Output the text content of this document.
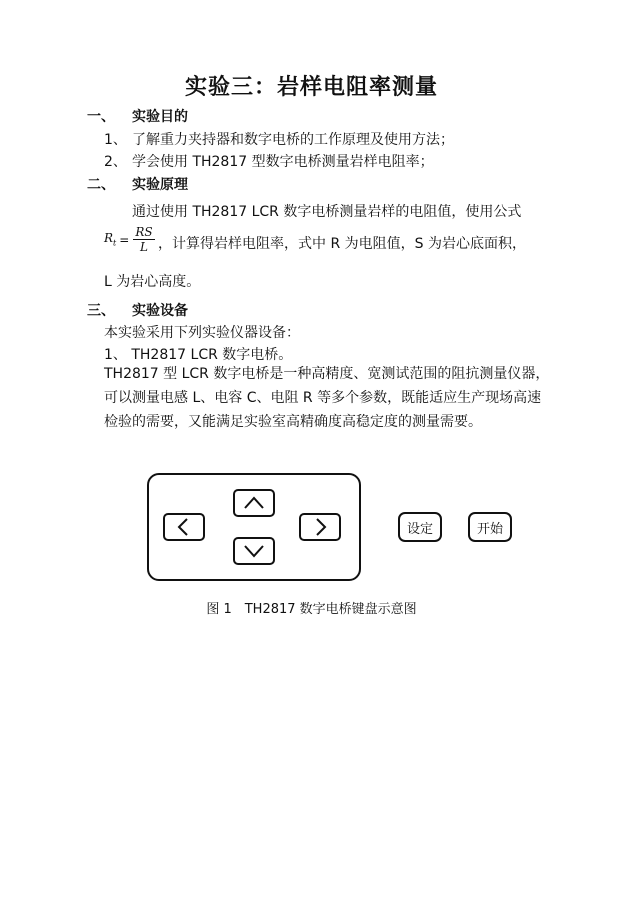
实验三：岩样电阻率测量
一、 实验目的
1、 了解重力夹持器和数字电桥的工作原理及使用方法；
2、 学会使用 TH2817 型数字电桥测量岩样电阻率；
二、 实验原理
通过使用 TH2817 LCR 数字电桥测量岩样的电阻值，使用公式
$R_t = \frac{RS}{L}$ ，计算得岩样电阻率，式中 R 为电阻值，S 为岩心底面积，
L 为岩心高度。
三、 实验设备
本实验采用下列实验仪器设备：
1、 TH2817 LCR 数字电桥。
TH2817 型 LCR 数字电桥是一种高精度、宽测试范围的阻抗测量仪器，可以测量电感 L、电容 C、电阻 R 等多个参数，既能适应生产现场高速检验的需要，又能满足实验室高精确度高稳定度的测量需要。
设定	开始
图 1　TH2817 数字电桥键盘示意图
